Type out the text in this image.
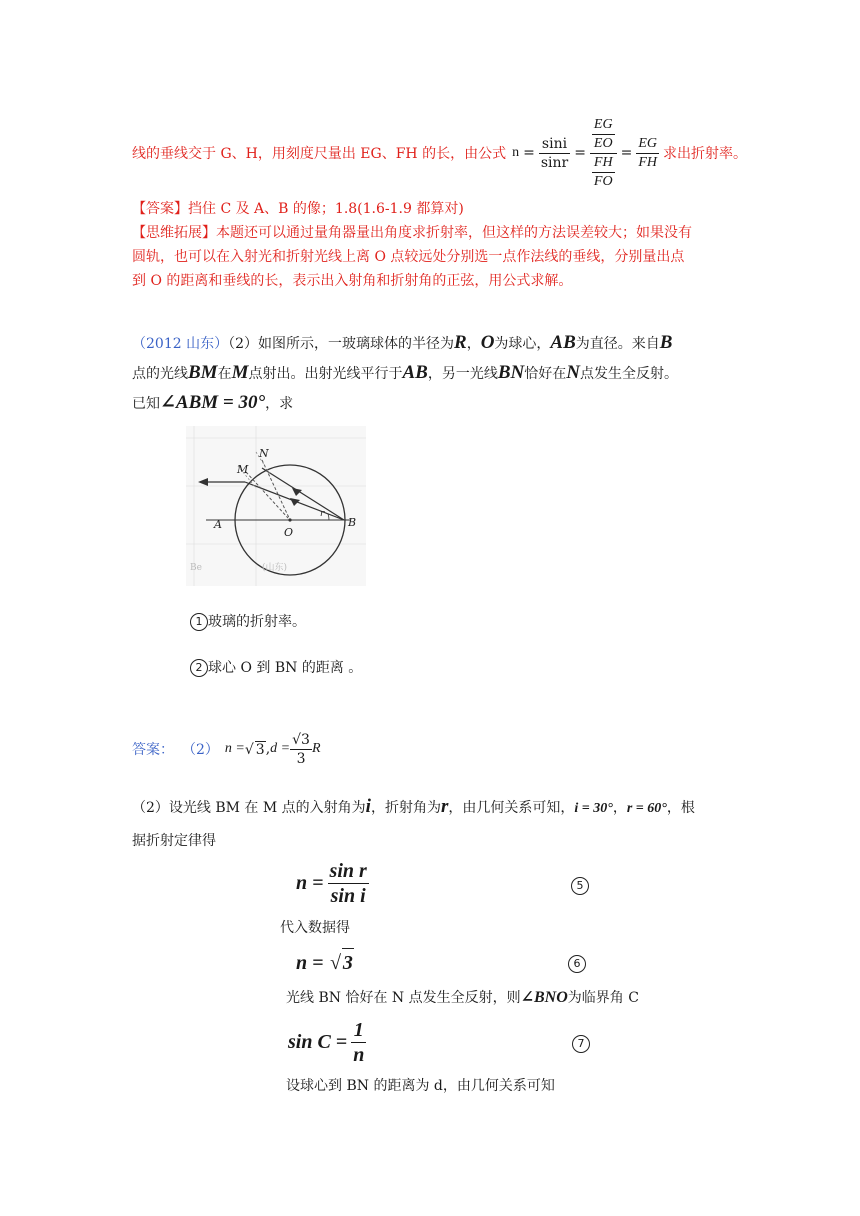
线的垂线交于 G、H，用刻度尺量出 EG、FH 的长，由公式 $n = \frac{\sin i}{\sin r} = \frac{\frac{EG}{EO}}{\frac{FH}{FO}} = \frac{EG}{FH}$ 求出折射率。
【答案】挡住 C 及 A、B 的像；1.8(1.6-1.9 都算对)
【思维拓展】本题还可以通过量角器量出角度求折射率，但这样的方法误差较大；如果没有
圆轨，也可以在入射光和折射光线上离 O 点较远处分别选一点作法线的垂线，分别量出点
到 O 的距离和垂线的长，表示出入射角和折射角的正弦，用公式求解。
（2012 山东）（2）如图所示，一玻璃球体的半径为R，O为球心，AB为直径。来自B
点的光线BM在M点射出。出射光线平行于AB，另一光线BN恰好在N点发生全反射。
已知∠ABM = 30°，求
M
N
A
O
B
r
Be	(山东)
1 玻璃的折射率。
2 球心 O 到 BN 的距离 。
答案： （2） n = √ 3 , $d = \frac{√3}{3}$ R
（2）设光线 BM 在 M 点的入射角为i，折射角为r，由几何关系可知，i = 30°，r = 60°，根
据折射定律得
$n = \frac{\text{sin r}}{\text{sin i}}$	5
代入数据得
n = √ 3	6
光线 BN 恰好在 N 点发生全反射，则∠BNO为临界角 C
$\sin C = \frac{1}{n}$	7
设球心到 BN 的距离为 d，由几何关系可知
